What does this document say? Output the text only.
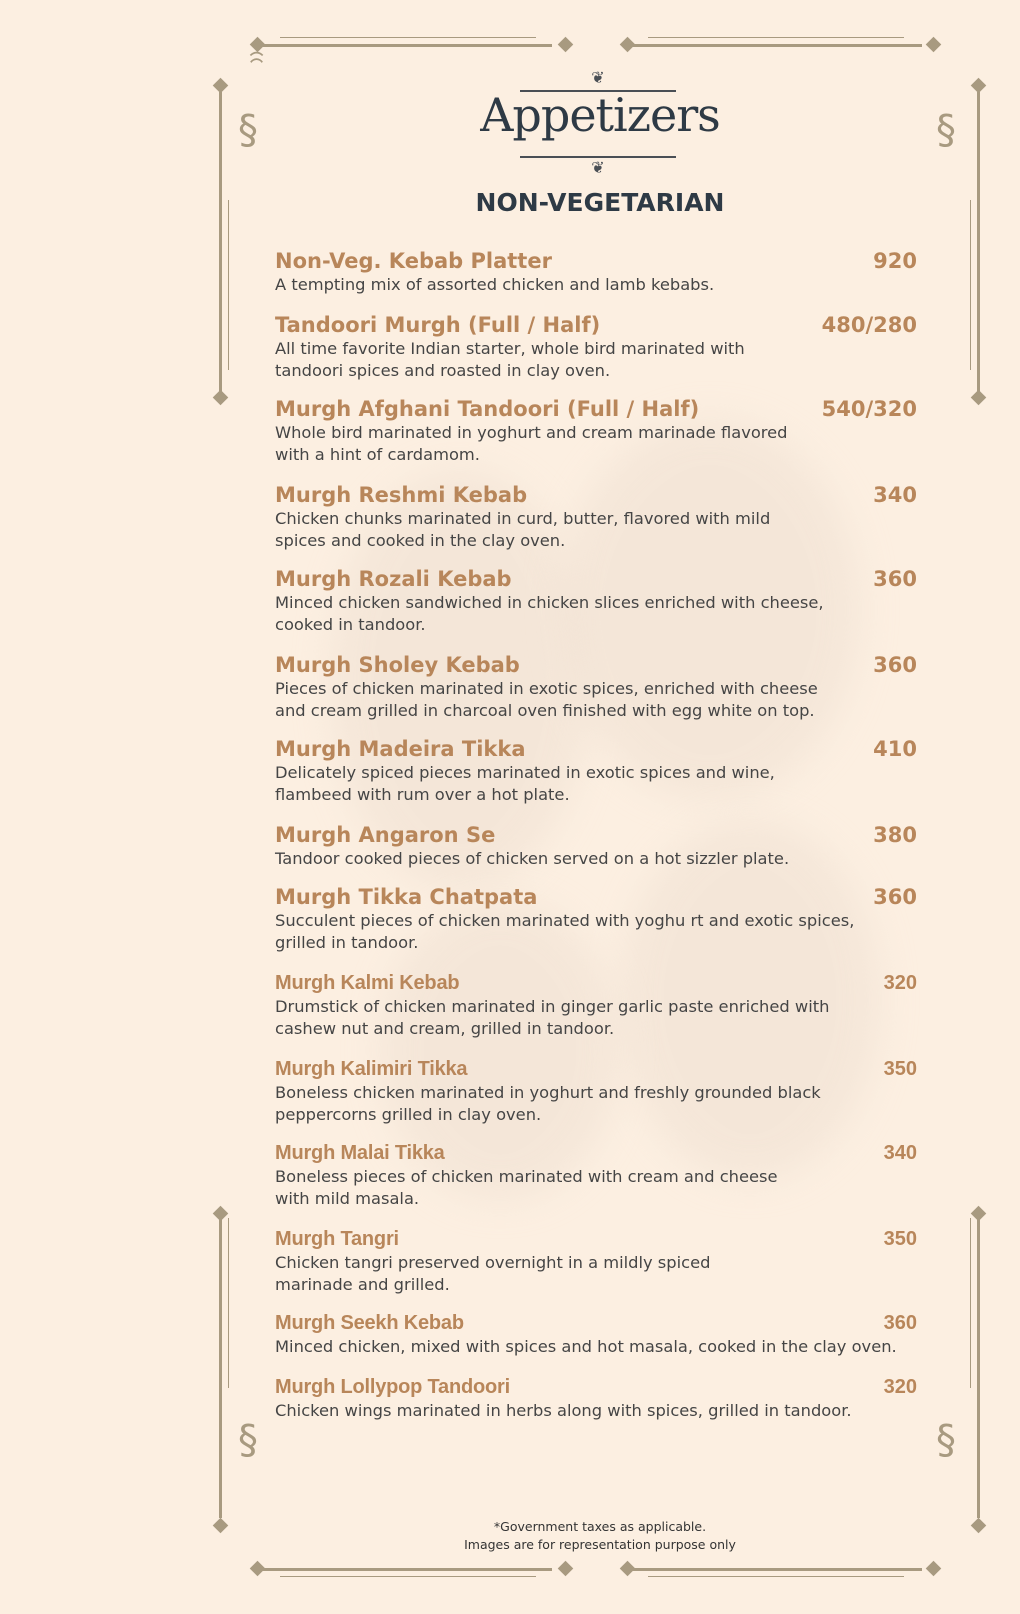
§	§
§	§
❦
Appetizers
❦
NON-VEGETARIAN
Non-Veg. Kebab Platter	920
A tempting mix of assorted chicken and lamb kebabs.
Tandoori Murgh (Full / Half)	480/280
All time favorite Indian starter, whole bird marinated with
tandoori spices and roasted in clay oven.
Murgh Afghani Tandoori (Full / Half)	540/320
Whole bird marinated in yoghurt and cream marinade flavored
with a hint of cardamom.
Murgh Reshmi Kebab	340
Chicken chunks marinated in curd, butter, flavored with mild
spices and cooked in the clay oven.
Murgh Rozali Kebab	360
Minced chicken sandwiched in chicken slices enriched with cheese,
cooked in tandoor.
Murgh Sholey Kebab	360
Pieces of chicken marinated in exotic spices, enriched with cheese
and cream grilled in charcoal oven finished with egg white on top.
Murgh Madeira Tikka	410
Delicately spiced pieces marinated in exotic spices and wine,
flambeed with rum over a hot plate.
Murgh Angaron Se	380
Tandoor cooked pieces of chicken served on a hot sizzler plate.
Murgh Tikka Chatpata	360
Succulent pieces of chicken marinated with yoghu rt and exotic spices,
grilled in tandoor.
Murgh Kalmi Kebab	320
Drumstick of chicken marinated in ginger garlic paste enriched with
cashew nut and cream, grilled in tandoor.
Murgh Kalimiri Tikka	350
Boneless chicken marinated in yoghurt and freshly grounded black
peppercorns grilled in clay oven.
Murgh Malai Tikka	340
Boneless pieces of chicken marinated with cream and cheese
with mild masala.
Murgh Tangri	350
Chicken tangri preserved overnight in a mildly spiced
marinade and grilled.
Murgh Seekh Kebab	360
Minced chicken, mixed with spices and hot masala, cooked in the clay oven.
Murgh Lollypop Tandoori	320
Chicken wings marinated in herbs along with spices, grilled in tandoor.
*Government taxes as applicable.
Images are for representation purpose only
